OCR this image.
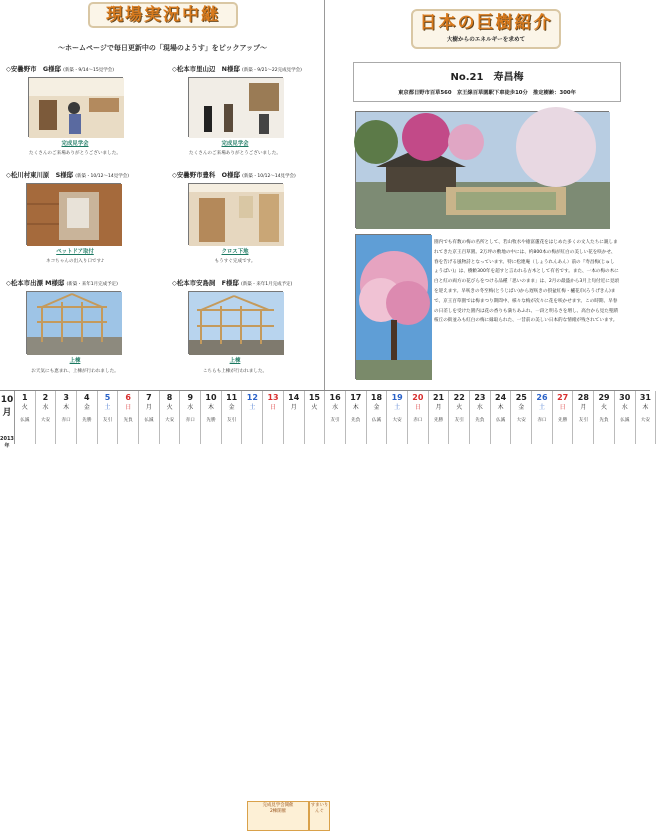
現場実況中継
～ホームページで毎日更新中の「現場のようす」をピックアップ～
◇安曇野市　G様邸 (新築・9/14～15見学会)
完成見学会
たくさんのご来場ありがとうございました。
◇松本市里山辺　N様邸 (新築・9/21～22完成見学会)
完成見学会
たくさんのご来場ありがとうございました。
◇松川村東川原　S様邸 (新築・10/12～14見学会)
ペットドア取付
ネコちゃんの出入り口です♪
◇安曇野市豊科　O様邸 (新築・10/12～14見学会)
クロス下地
もうすぐ完成です。
◇松本市出漂 M様邸 (新築・来年1月完成予定)
上棟
お天気にも恵まれ、上棟が行われました。
◇松本市安島詞　F様邸 (新築・来年1月完成予定)
上棟
こちらも上棟が行われました。
日本の巨樹紹介
大樹からのエネルギーを求めて
No.21　寿昌梅
東京都日野市百草560　京王線百草園駅下車徒歩10分　推定樹齢：300年
園内でも有数の梅の名所として、若山牧水や徳富蘆花をはじめた多くの文人たちに親しまれてきた京王百草園。2万坪の敷地の中には、約800本の梅が紅白の美しい花を咲かせ、春を告げる風物詩となっています。特に松連庵（しょうれんあん）前の『寿昌梅(じゅしょうばい)』は、樹齢300年を超すと言われる古木として有名です。また、一本の梅の木に白と紅の両方の花びらをつける品種「思いのまま」は、2月の最盛から3月上旬付近に見頃を迎えます。早咲きの冬至梅(とうじばい)から遅咲きの摂盆紅梅・櫨花巾(ろうげきん)まで、京王百草園では梅まつり期間中、様々な梅が次々に花を咲かせます。この時期、早春の日差しを受けた園内は花の香りも満ちあふれ、一段と明るさを増し、高台から見た聖蹟桜丘の街並みも紅白の梅に縁取られた、一昔前の美しい日本的な情緒が残されています。
10月
2013年
1
火
仏滅
2
水
大安
3
木
赤口
4
金
先勝
5
土
友引
6
日
先負
7
月
仏滅
8
火
大安
9
水
赤口
10
木
先勝
11
金
友引
12
土
13
日
14
月
15
火
16
水
友引
17
木
先負
18
金
仏滅
19
土
大安
20
日
赤口
21
月
先勝
22
火
友引
23
水
先負
24
木
仏滅
25
金
大安
26
土
赤口
27
日
先勝
28
月
友引
29
火
先負
30
水
仏滅
31
木
大安
完成見学会開催
2棟開催
すまいりんぐ
